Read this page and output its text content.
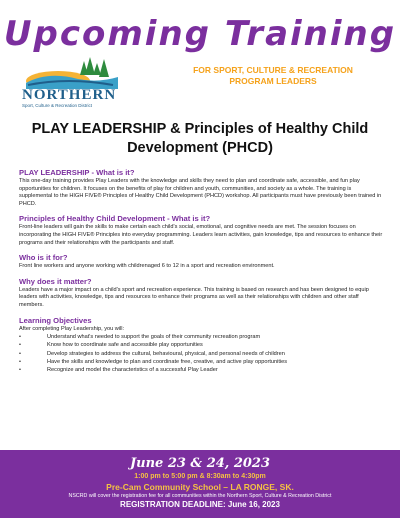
Upcoming Training
NORTHERN
Sport, Culture & Recreation District
FOR SPORT, CULTURE & RECREATION
PROGRAM LEADERS
PLAY LEADERSHIP & Principles of Healthy Child
Development (PHCD)
PLAY LEADERSHIP - What is it?
This one-day training provides Play Leaders with the knowledge and skills they need to plan and coordinate safe, accessible, and fun play opportunities for children. It focuses on the benefits of play for children and youth, communities, and society as a whole. The training is supplemental to the HIGH FIVE® Principles of Healthy Child Development (PHCD) workshop. All participants must have previously been trained in PHCD.
Principles of Healthy Child Development - What is it?
Front-line leaders will gain the skills to make certain each child's social, emotional, and cognitive needs are met. The session focuses on incorporating the HIGH FIVE® Principles into everyday programming. Leaders learn activities, gain knowledge, tips and resources to enhance their programs and their relationships with the participants and staff.
Who is it for?
Front line workers and anyone working with childrenaged 6 to 12 in a sport and recreation environment.
Why does it matter?
Leaders have a major impact on a child's sport and recreation experience. This training is based on research and has been designed to equip leaders with activities, knowledge, tips and resources to enhance their programs as well as their relationships with children and other staff members.
Learning Objectives
After completing Play Leadership, you will:
•	Understand what's needed to support the goals of their community recreation program
•	Know how to coordinate safe and accessible play opportunities
•	Develop strategies to address the cultural, behavioural, physical, and personal needs of children
•	Have the skills and knowledge to plan and coordinate free, creative, and active play opportunities
•	Recognize and model the characteristics of a successful Play Leader
June 23 & 24, 2023
1:00 pm to 5:00 pm & 8:30am to 4:30pm
Pre-Cam Community School – LA RONGE, SK.
NSCRD will cover the registration fee for all communities within the Northern Sport, Culture & Recreation District
REGISTRATION DEADLINE: June 16, 2023
